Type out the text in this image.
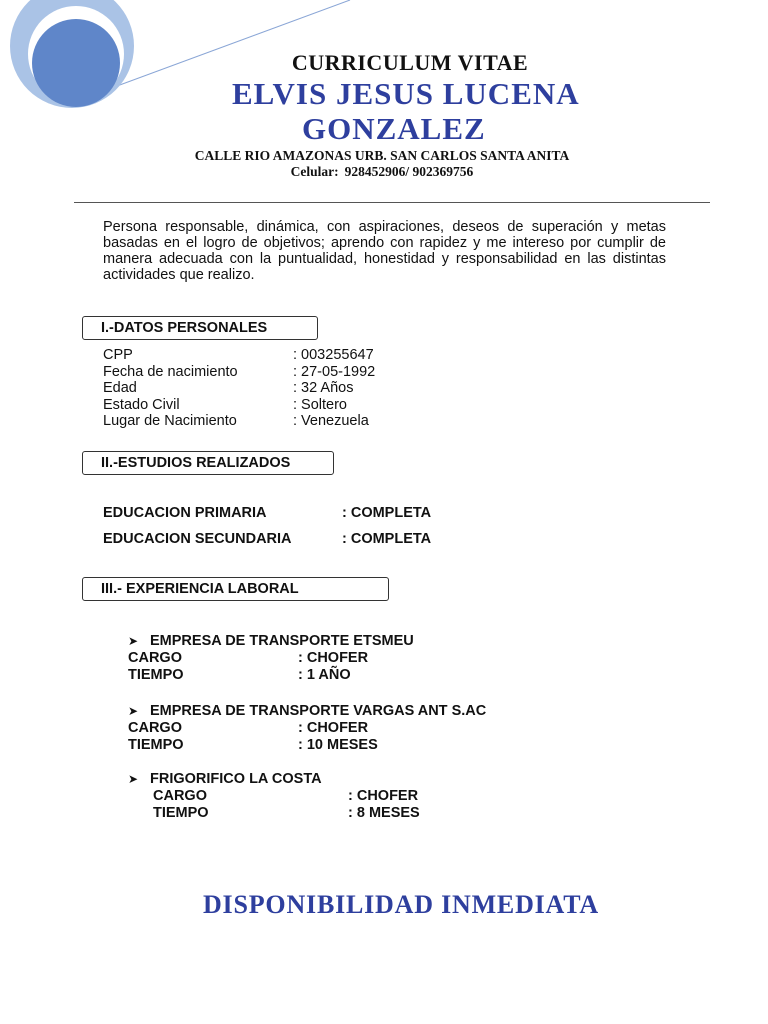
CURRICULUM VITAE
ELVIS JESUS LUCENA
GONZALEZ
CALLE RIO AMAZONAS URB. SAN CARLOS SANTA ANITA
Celular: 928452906/ 902369756
Persona responsable, dinámica, con aspiraciones, deseos de superación y metas basadas en el logro de objetivos; aprendo con rapidez y me intereso por cumplir de manera adecuada con la puntualidad, honestidad y responsabilidad en las distintas actividades que realizo.
I.-DATOS PERSONALES
CPP	: 003255647
Fecha de nacimiento	: 27-05-1992
Edad	: 32 Años
Estado Civil	: Soltero
Lugar de Nacimiento	: Venezuela
II.-ESTUDIOS REALIZADOS
EDUCACION PRIMARIA	: COMPLETA
EDUCACION SECUNDARIA	: COMPLETA
III.- EXPERIENCIA LABORAL
➤ EMPRESA DE TRANSPORTE ETSMEU
CARGO	: CHOFER
TIEMPO	: 1 AÑO
➤ EMPRESA DE TRANSPORTE VARGAS ANT S.AC
CARGO	: CHOFER
TIEMPO	: 10 MESES
➤ FRIGORIFICO LA COSTA
CARGO	: CHOFER
TIEMPO	: 8 MESES
DISPONIBILIDAD INMEDIATA
